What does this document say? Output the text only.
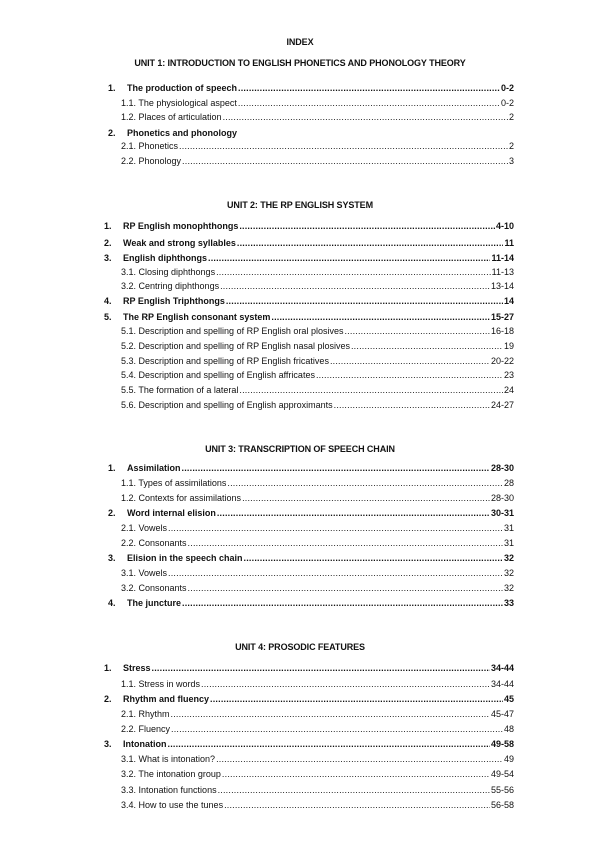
INDEX
UNIT 1: INTRODUCTION TO ENGLISH PHONETICS AND PHONOLOGY THEORY
1.	The production of speech .....	0-2
1.1. The physiological aspect .....	0-2
1.2. Places of articulation .....	2
2.	Phonetics and phonology
2.1. Phonetics .....	2
2.2. Phonology .....	3
UNIT 2: THE RP ENGLISH SYSTEM
1.	RP English monophthongs .....	4-10
2.	Weak and strong syllables .....	11
3.	English diphthongs .....	11-14
3.1. Closing diphthongs .....	11-13
3.2. Centring diphthongs .....	13-14
4.	RP English Triphthongs .....	14
5.	The RP English consonant system .....	15-27
5.1. Description and spelling of RP English oral plosives .....	16-18
5.2. Description and spelling of RP English nasal plosives .....	19
5.3. Description and spelling of RP English fricatives .....	20-22
5.4. Description and spelling of English affricates .....	23
5.5. The formation of a lateral .....	24
5.6. Description and spelling of English approximants .....	24-27
UNIT 3: TRANSCRIPTION OF SPEECH CHAIN
1.	Assimilation .....	28-30
1.1. Types of assimilations .....	28
1.2. Contexts for assimilations .....	28-30
2.	Word internal elision .....	30-31
2.1. Vowels .....	31
2.2. Consonants .....	31
3.	Elision in the speech chain .....	32
3.1. Vowels .....	32
3.2. Consonants .....	32
4.	The juncture .....	33
UNIT 4: PROSODIC FEATURES
1.	Stress .....	34-44
1.1. Stress in words .....	34-44
2.	Rhythm and fluency .....	45
2.1. Rhythm .....	45-47
2.2. Fluency .....	48
3.	Intonation .....	49-58
3.1. What is intonation? .....	49
3.2. The intonation group .....	49-54
3.3. Intonation functions .....	55-56
3.4. How to use the tunes .....	56-58
